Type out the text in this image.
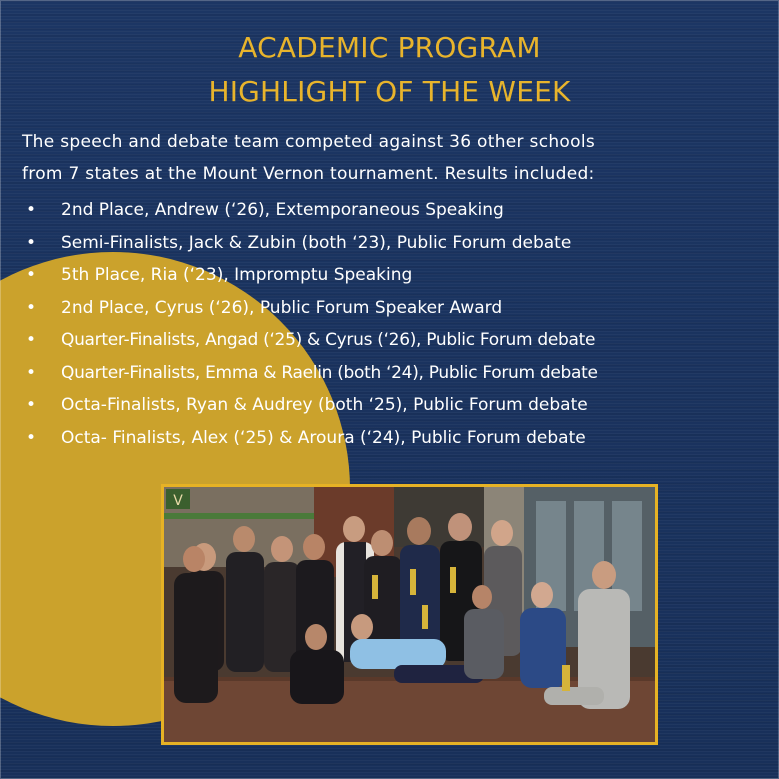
ACADEMIC PROGRAM
HIGHLIGHT OF THE WEEK

The speech and debate team competed against 36 other schools
from 7 states at the Mount Vernon tournament. Results included:

• 2nd Place, Andrew (‘26), Extemporaneous Speaking
• Semi-Finalists, Jack & Zubin (both ‘23), Public Forum debate
• 5th Place, Ria (‘23), Impromptu Speaking
• 2nd Place, Cyrus (‘26), Public Forum Speaker Award
• Quarter-Finalists, Angad (‘25) & Cyrus (‘26), Public Forum debate
• Quarter-Finalists, Emma & Raelin (both ‘24), Public Forum debate
• Octa-Finalists, Ryan & Audrey (both ‘25), Public Forum debate
• Octa- Finalists, Alex (‘25) & Aroura (‘24), Public Forum debate
V
